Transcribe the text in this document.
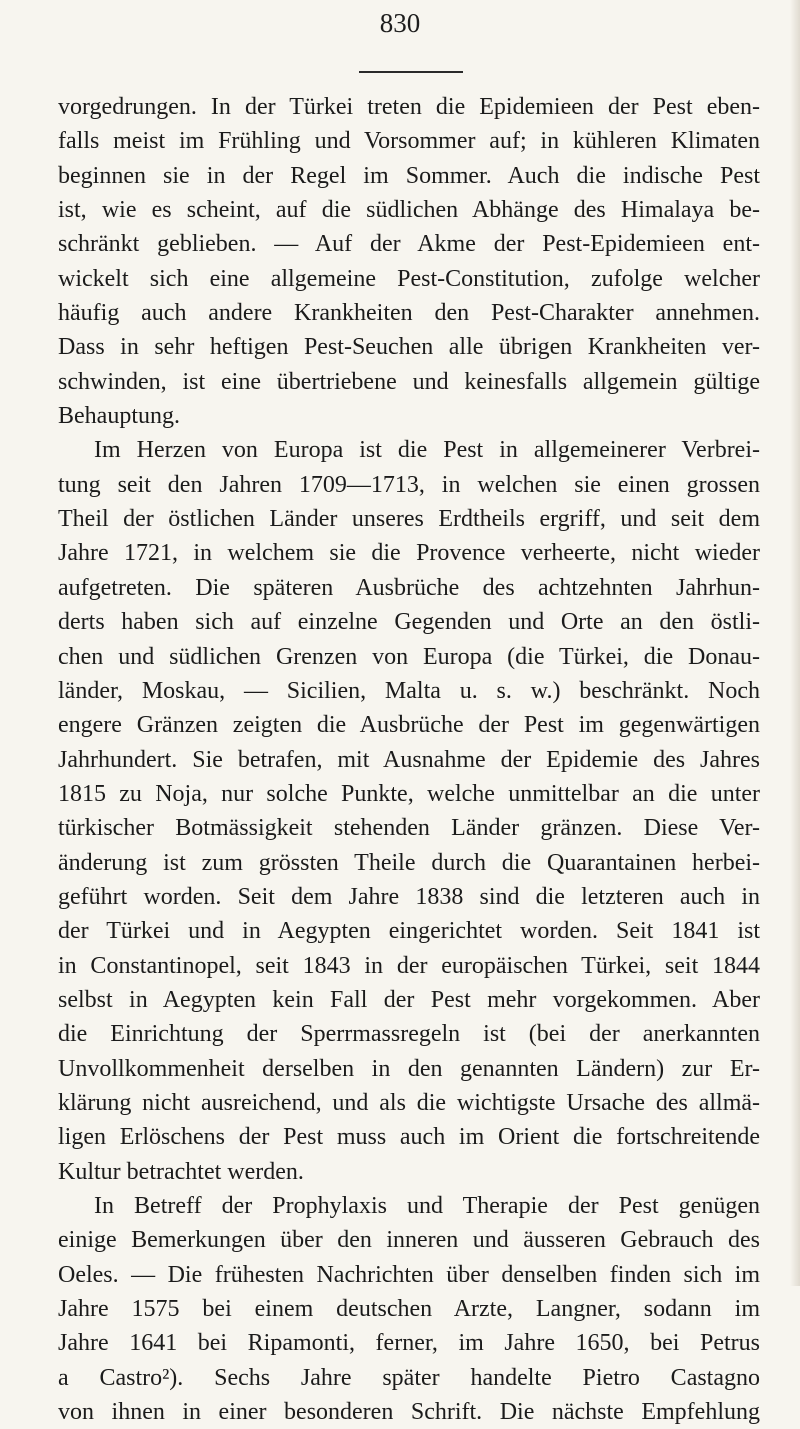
830
vorgedrungen. In der Türkei treten die Epidemieen der Pest eben-
falls meist im Frühling und Vorsommer auf; in kühleren Klimaten
beginnen sie in der Regel im Sommer. Auch die indische Pest
ist, wie es scheint, auf die südlichen Abhänge des Himalaya be-
schränkt geblieben. — Auf der Akme der Pest-Epidemieen ent-
wickelt sich eine allgemeine Pest-Constitution, zufolge welcher
häufig auch andere Krankheiten den Pest-Charakter annehmen.
Dass in sehr heftigen Pest-Seuchen alle übrigen Krankheiten ver-
schwinden, ist eine übertriebene und keinesfalls allgemein gültige
Behauptung.
Im Herzen von Europa ist die Pest in allgemeinerer Verbrei-
tung seit den Jahren 1709—1713, in welchen sie einen grossen
Theil der östlichen Länder unseres Erdtheils ergriff, und seit dem
Jahre 1721, in welchem sie die Provence verheerte, nicht wieder
aufgetreten. Die späteren Ausbrüche des achtzehnten Jahrhun-
derts haben sich auf einzelne Gegenden und Orte an den östli-
chen und südlichen Grenzen von Europa (die Türkei, die Donau-
länder, Moskau, — Sicilien, Malta u. s. w.) beschränkt. Noch
engere Gränzen zeigten die Ausbrüche der Pest im gegenwärtigen
Jahrhundert. Sie betrafen, mit Ausnahme der Epidemie des Jahres
1815 zu Noja, nur solche Punkte, welche unmittelbar an die unter
türkischer Botmässigkeit stehenden Länder gränzen. Diese Ver-
änderung ist zum grössten Theile durch die Quarantainen herbei-
geführt worden. Seit dem Jahre 1838 sind die letzteren auch in
der Türkei und in Aegypten eingerichtet worden. Seit 1841 ist
in Constantinopel, seit 1843 in der europäischen Türkei, seit 1844
selbst in Aegypten kein Fall der Pest mehr vorgekommen. Aber
die Einrichtung der Sperrmassregeln ist (bei der anerkannten
Unvollkommenheit derselben in den genannten Ländern) zur Er-
klärung nicht ausreichend, und als die wichtigste Ursache des allmä-
ligen Erlöschens der Pest muss auch im Orient die fortschreitende
Kultur betrachtet werden.
In Betreff der Prophylaxis und Therapie der Pest genügen
einige Bemerkungen über den inneren und äusseren Gebrauch des
Oeles. — Die frühesten Nachrichten über denselben finden sich im
Jahre 1575 bei einem deutschen Arzte, Langner, sodann im
Jahre 1641 bei Ripamonti, ferner, im Jahre 1650, bei Petrus
a Castro²). Sechs Jahre später handelte Pietro Castagno
von ihnen in einer besonderen Schrift. Die nächste Empfehlung
